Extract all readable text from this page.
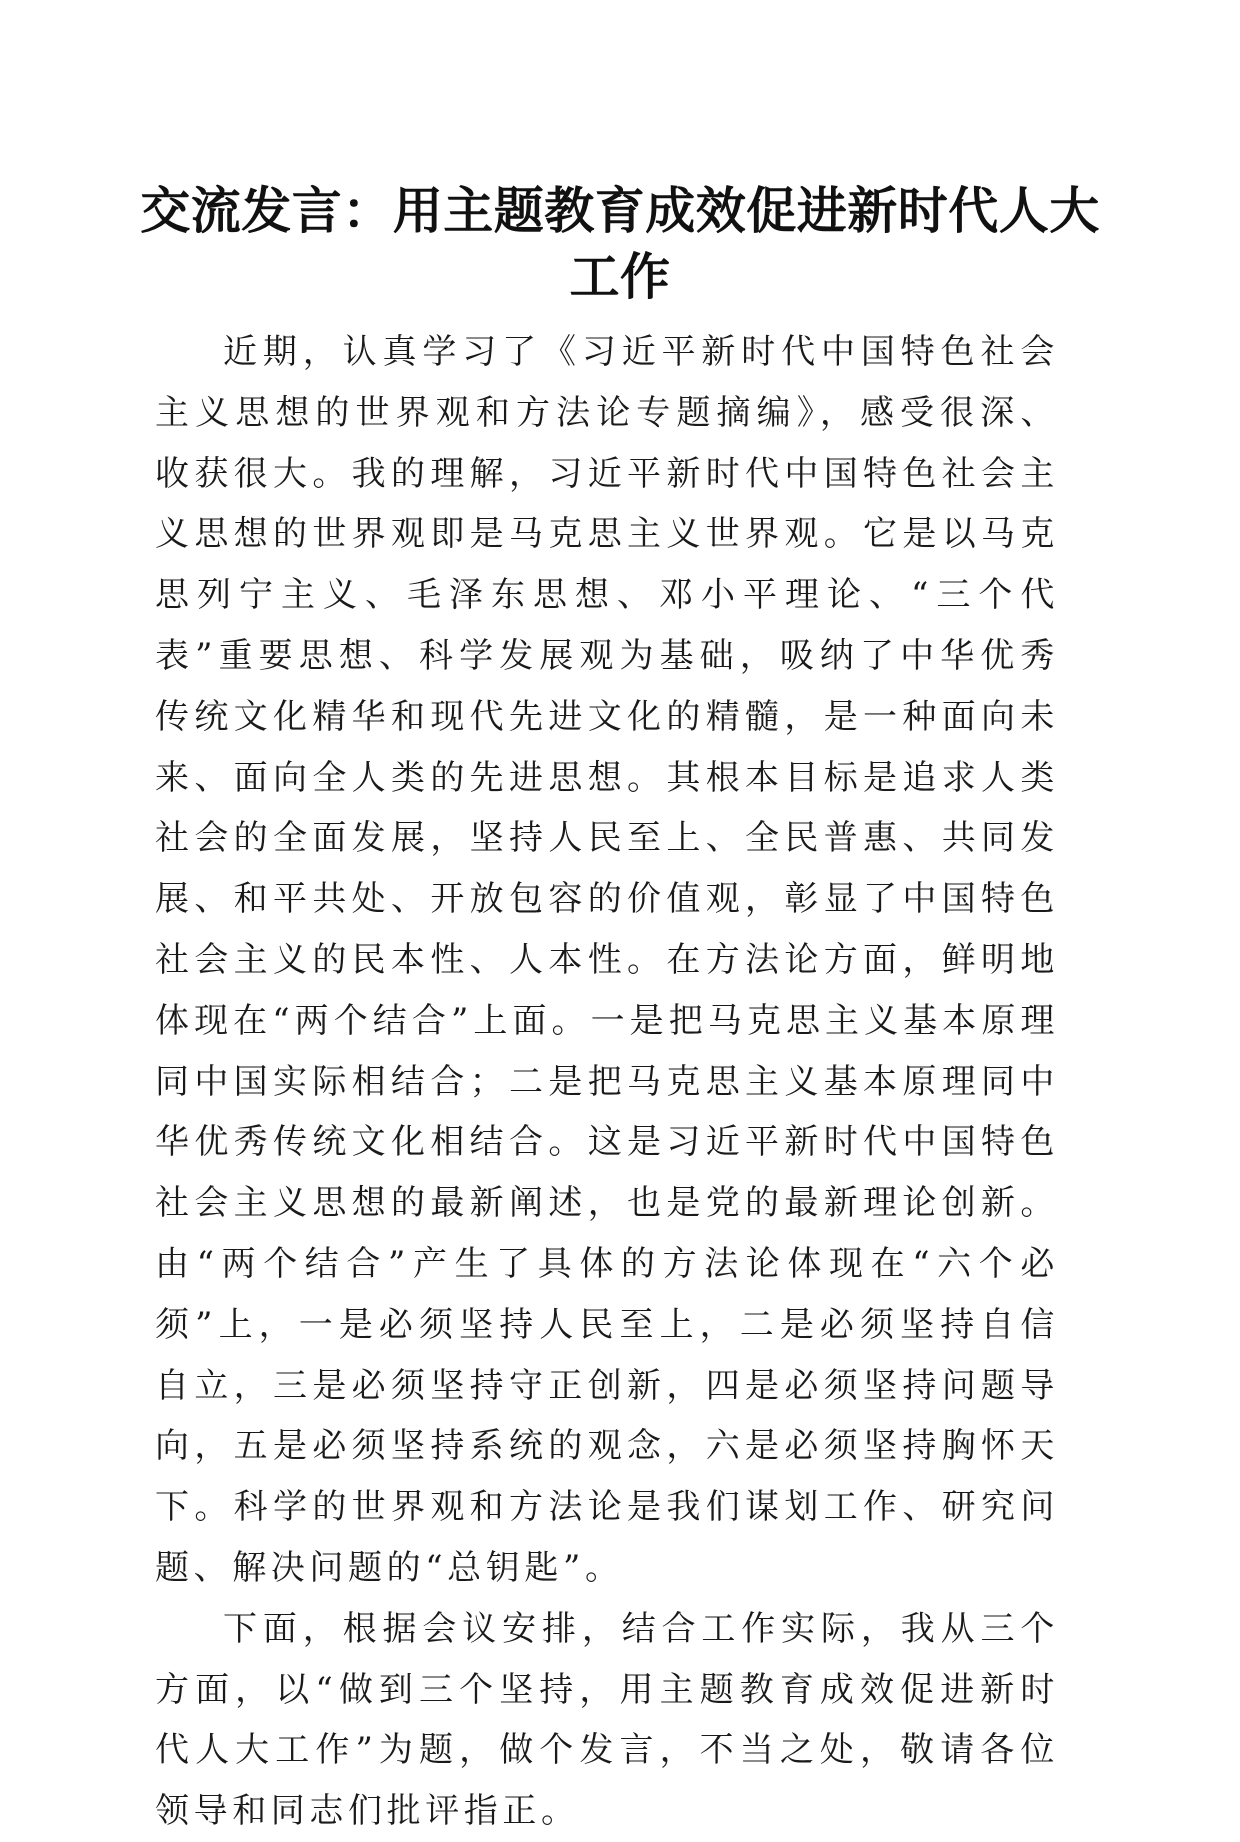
交流发言：用主题教育成效促进新时代人大工作

近期，认真学习了《习近平新时代中国特色社会主义思想的世界观和方法论专题摘编》，感受很深、收获很大。我的理解，习近平新时代中国特色社会主义思想的世界观即是马克思主义世界观。它是以马克思列宁主义、毛泽东思想、邓小平理论、“三个代表”重要思想、科学发展观为基础，吸纳了中华优秀传统文化精华和现代先进文化的精髓，是一种面向未来、面向全人类的先进思想。其根本目标是追求人类社会的全面发展，坚持人民至上、全民普惠、共同发展、和平共处、开放包容的价值观，彰显了中国特色社会主义的民本性、人本性。在方法论方面，鲜明地体现在“两个结合”上面。一是把马克思主义基本原理同中国实际相结合；二是把马克思主义基本原理同中华优秀传统文化相结合。这是习近平新时代中国特色社会主义思想的最新阐述，也是党的最新理论创新。由“两个结合”产生了具体的方法论体现在“六个必须”上，一是必须坚持人民至上，二是必须坚持自信自立，三是必须坚持守正创新，四是必须坚持问题导向，五是必须坚持系统的观念，六是必须坚持胸怀天下。科学的世界观和方法论是我们谋划工作、研究问题、解决问题的“总钥匙”。

下面，根据会议安排，结合工作实际，我从三个方面，以“做到三个坚持，用主题教育成效促进新时代人大工作”为题，做个发言，不当之处，敬请各位领导和同志们批评指正。
